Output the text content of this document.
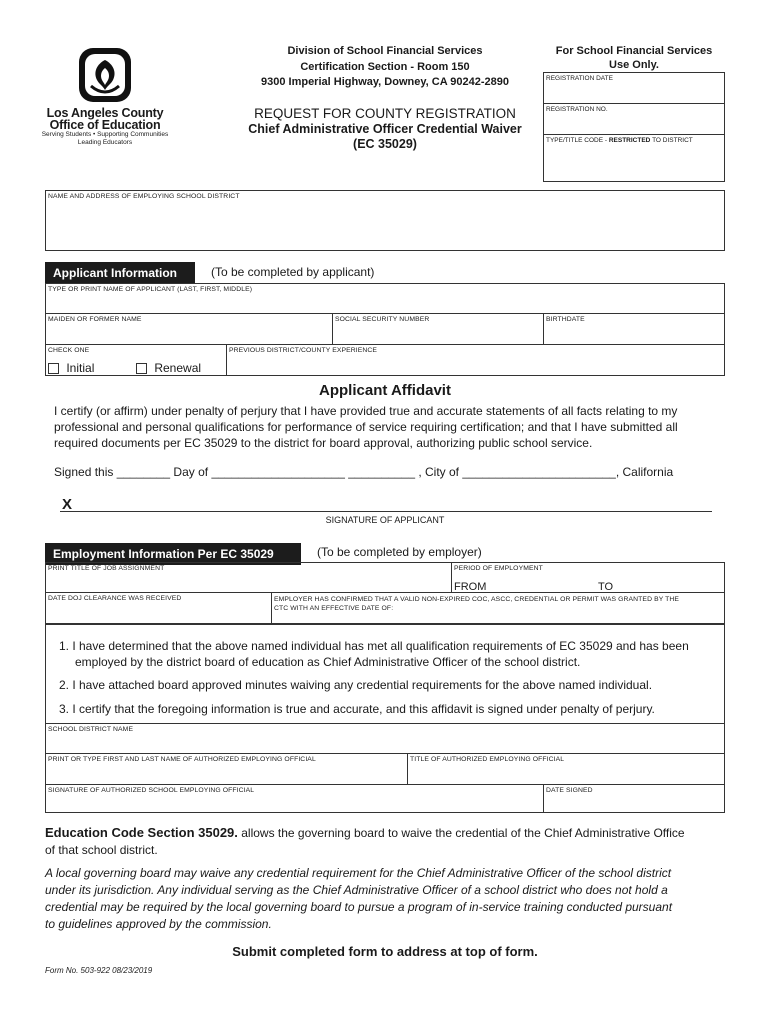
Los Angeles County
Office of Education
Serving Students • Supporting Communities
Leading Educators
Division of School Financial Services
Certification Section - Room 150
9300 Imperial Highway, Downey, CA 90242-2890
REQUEST FOR COUNTY REGISTRATION
Chief Administrative Officer Credential Waiver
(EC 35029)
For School Financial Services
Use Only.
REGISTRATION DATE
REGISTRATION NO.
TYPE/TITLE CODE - RESTRICTED TO DISTRICT
NAME AND ADDRESS OF EMPLOYING SCHOOL DISTRICT
Applicant Information	(To be completed by applicant)
TYPE OR PRINT NAME OF APPLICANT (LAST, FIRST, MIDDLE)
MAIDEN OR FORMER NAME	SOCIAL SECURITY NUMBER	BIRTHDATE
CHECK ONE
Initial	Renewal
PREVIOUS DISTRICT/COUNTY EXPERIENCE
Applicant Affidavit
I certify (or affirm) under penalty of perjury that I have provided true and accurate statements of all facts relating to my
professional and personal qualifications for performance of service requiring certification; and that I have submitted all
required documents per EC 35029 to the district for board approval, authorizing public school service.
Signed this ________ Day of ____________________ __________ , City of _______________________, California
X
SIGNATURE OF APPLICANT
Employment Information Per EC 35029	(To be completed by employer)
PRINT TITLE OF JOB ASSIGNMENT	PERIOD OF EMPLOYMENT
FROM	TO
DATE DOJ CLEARANCE WAS RECEIVED	EMPLOYER HAS CONFIRMED THAT A VALID NON-EXPIRED COC, ASCC, CREDENTIAL OR PERMIT WAS GRANTED BY THE
CTC WITH AN EFFECTIVE DATE OF:
1. I have determined that the above named individual has met all qualification requirements of EC 35029 and has been
employed by the district board of education as Chief Administrative Officer of the school district.
2. I have attached board approved minutes waiving any credential requirements for the above named individual.
3. I certify that the foregoing information is true and accurate, and this affidavit is signed under penalty of perjury.
SCHOOL DISTRICT NAME
PRINT OR TYPE FIRST AND LAST NAME OF AUTHORIZED EMPLOYING OFFICIAL	TITLE OF AUTHORIZED EMPLOYING OFFICIAL
SIGNATURE OF AUTHORIZED SCHOOL EMPLOYING OFFICIAL	DATE SIGNED
Education Code Section 35029. allows the governing board to waive the credential of the Chief Administrative Office
of that school district.
A local governing board may waive any credential requirement for the Chief Administrative Officer of the school district
under its jurisdiction. Any individual serving as the Chief Administrative Officer of a school district who does not hold a
credential may be required by the local governing board to pursue a program of in-service training conducted pursuant
to guidelines approved by the commission.
Submit completed form to address at top of form.
Form No. 503-922 08/23/2019
